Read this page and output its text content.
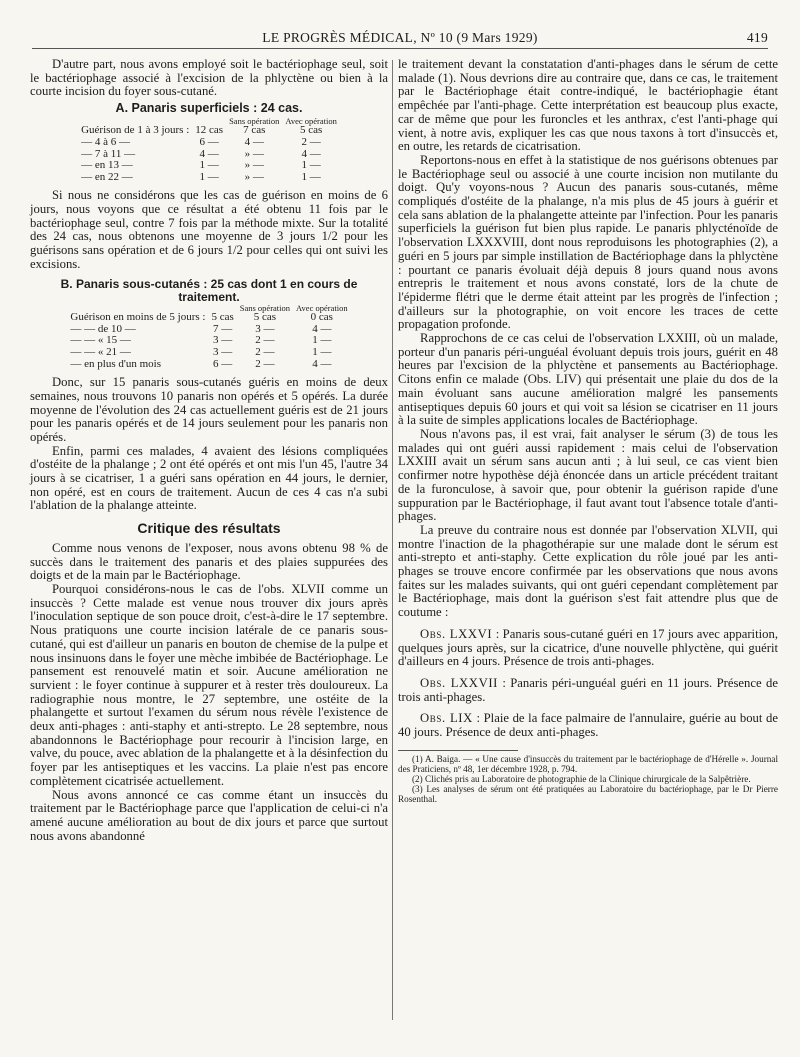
LE PROGRÈS MÉDICAL, Nº 10 (9 Mars 1929)	419

D'autre part, nous avons employé soit le bactériophage seul, soit le bactériophage associé à l'excision de la phlyctène ou bien à la courte incision du foyer sous-cutané.

A. Panaris superficiels : 24 cas.
		Sans opération	Avec opération
Guérison de 1 à 3 jours :	12 cas	7 cas	5 cas
— 4 à 6 —	6 —	4 —	2 —
— 7 à 11 —	4 —	» —	4 —
— en 13 —	1 —	» —	1 —
— en 22 —	1 —	» —	1 —

Si nous ne considérons que les cas de guérison en moins de 6 jours, nous voyons que ce résultat a été obtenu 11 fois par le bactériophage seul, contre 7 fois par la méthode mixte. Sur la totalité des 24 cas, nous obtenons une moyenne de 3 jours 1/2 pour les guérisons sans opération et de 6 jours 1/2 pour celles qui ont suivi les excisions.

B. Panaris sous-cutanés : 25 cas dont 1 en cours de traitement.
		Sans opération	Avec opération
Guérison en moins de 5 jours :	5 cas	5 cas	0 cas
— — de 10 —	7 —	3 —	4 —
— — « 15 —	3 —	2 —	1 —
— — « 21 —	3 —	2 —	1 —
— en plus d'un mois	6 —	2 —	4 —

Donc, sur 15 panaris sous-cutanés guéris en moins de deux semaines, nous trouvons 10 panaris non opérés et 5 opérés. La durée moyenne de l'évolution des 24 cas actuellement guéris est de 21 jours pour les panaris opérés et de 14 jours seulement pour les panaris non opérés.

Enfin, parmi ces malades, 4 avaient des lésions compliquées d'ostéite de la phalange ; 2 ont été opérés et ont mis l'un 45, l'autre 34 jours à se cicatriser, 1 a guéri sans opération en 44 jours, le dernier, non opéré, est en cours de traitement. Aucun de ces 4 cas n'a subi l'ablation de la phalange atteinte.

Critique des résultats

Comme nous venons de l'exposer, nous avons obtenu 98 % de succès dans le traitement des panaris et des plaies suppurées des doigts et de la main par le Bactériophage.

Pourquoi considérons-nous le cas de l'obs. XLVII comme un insuccès ? Cette malade est venue nous trouver dix jours après l'inoculation septique de son pouce droit, c'est-à-dire le 17 septembre. Nous pratiquons une courte incision latérale de ce panaris sous-cutané, qui est d'ailleur un panaris en bouton de chemise de la pulpe et nous insinuons dans le foyer une mèche imbibée de Bactériophage. Le pansement est renouvelé matin et soir. Aucune amélioration ne survient : le foyer continue à suppurer et à rester très douloureux. La radiographie nous montre, le 27 septembre, une ostéite de la phalangette et surtout l'examen du sérum nous révèle l'existence de deux anti-phages : anti-staphy et anti-strepto. Le 28 septembre, nous abandonnons le Bactériophage pour recourir à l'incision large, en valve, du pouce, avec ablation de la phalangette et à la désinfection du foyer par les antiseptiques et les vaccins. La plaie n'est pas encore complètement cicatrisée actuellement.

Nous avons annoncé ce cas comme étant un insuccès du traitement par le Bactériophage parce que l'application de celui-ci n'a amené aucune amélioration au bout de dix jours et parce que surtout nous avons abandonné

le traitement devant la constatation d'anti-phages dans le sérum de cette malade (1). Nous devrions dire au contraire que, dans ce cas, le traitement par le Bactériophage était contre-indiqué, le bactériophagie étant empêchée par l'anti-phage. Cette interprétation est beaucoup plus exacte, car de même que pour les furoncles et les anthrax, c'est l'anti-phage qui vient, à notre avis, expliquer les cas que nous taxons à tort d'insuccès et, en outre, les retards de cicatrisation.

Reportons-nous en effet à la statistique de nos guérisons obtenues par le Bactériophage seul ou associé à une courte incision non mutilante du doigt. Qu'y voyons-nous ? Aucun des panaris sous-cutanés, même compliqués d'ostéite de la phalange, n'a mis plus de 45 jours à guérir et cela sans ablation de la phalangette atteinte par l'infection. Pour les panaris superficiels la guérison fut bien plus rapide. Le panaris phlycténoïde de l'observation LXXXVIII, dont nous reproduisons les photographies (2), a guéri en 5 jours par simple instillation de Bactériophage dans la phlyctène : pourtant ce panaris évoluait déjà depuis 8 jours quand nous avons entrepris le traitement et nous avons constaté, lors de la chute de l'épiderme flétri que le derme était atteint par les progrès de l'infection ; d'ailleurs sur la photographie, on voit encore les traces de cette propagation profonde.

Rapprochons de ce cas celui de l'observation LXXIII, où un malade, porteur d'un panaris péri-unguéal évoluant depuis trois jours, guérit en 48 heures par l'excision de la phlyctène et pansements au Bactériophage. Citons enfin ce malade (Obs. LIV) qui présentait une plaie du dos de la main évoluant sans aucune amélioration malgré les pansements antiseptiques depuis 60 jours et qui voit sa lésion se cicatriser en 11 jours à la suite de simples applications locales de Bactériophage.

Nous n'avons pas, il est vrai, fait analyser le sérum (3) de tous les malades qui ont guéri aussi rapidement : mais celui de l'observation LXXIII avait un sérum sans aucun anti ; à lui seul, ce cas vient bien confirmer notre hypothèse déjà énoncée dans un article précédent traitant de la furonculose, à savoir que, pour obtenir la guérison rapide d'une suppuration par le Bactériophage, il faut avant tout l'absence totale d'anti-phages.

La preuve du contraire nous est donnée par l'observation XLVII, qui montre l'inaction de la phagothérapie sur une malade dont le sérum est anti-strepto et anti-staphy. Cette explication du rôle joué par les anti-phages se trouve encore confirmée par les observations que nous avons faites sur les malades suivants, qui ont guéri cependant complètement par le Bactériophage, mais dont la guérison s'est fait attendre plus que de coutume :

Obs. LXXVI : Panaris sous-cutané guéri en 17 jours avec apparition, quelques jours après, sur la cicatrice, d'une nouvelle phlyctène, qui guérit d'ailleurs en 4 jours. Présence de trois anti-phages.

Obs. LXXVII : Panaris péri-unguéal guéri en 11 jours. Présence de trois anti-phages.

Obs. LIX : Plaie de la face palmaire de l'annulaire, guérie au bout de 40 jours. Présence de deux anti-phages.

(1) A. Baiga. — « Une cause d'insuccès du traitement par le bactériophage de d'Hérelle ». Journal des Praticiens, nº 48, 1er décembre 1928, p. 794.

(2) Clichés pris au Laboratoire de photographie de la Clinique chirurgicale de la Salpêtrière.

(3) Les analyses de sérum ont été pratiquées au Laboratoire du bactériophage, par le Dr Pierre Rosenthal.
